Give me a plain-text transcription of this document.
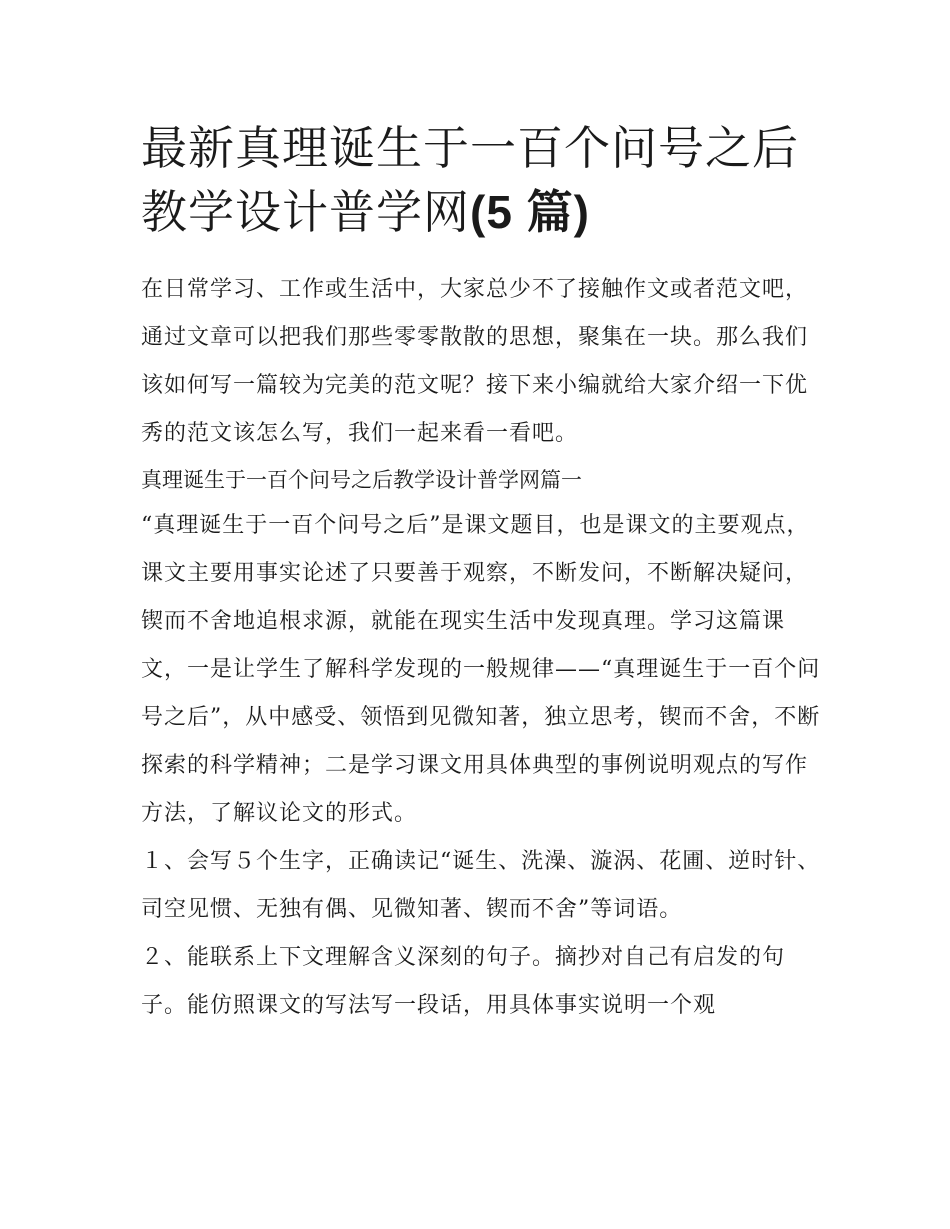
最新真理诞生于一百个问号之后教学设计普学网(5 篇)

在日常学习、工作或生活中，大家总少不了接触作文或者范文吧，通过文章可以把我们那些零零散散的思想，聚集在一块。那么我们该如何写一篇较为完美的范文呢？接下来小编就给大家介绍一下优秀的范文该怎么写，我们一起来看一看吧。

真理诞生于一百个问号之后教学设计普学网篇一

“真理诞生于一百个问号之后”是课文题目，也是课文的主要观点，课文主要用事实论述了只要善于观察，不断发问，不断解决疑问，锲而不舍地追根求源，就能在现实生活中发现真理。学习这篇课文，一是让学生了解科学发现的一般规律——“真理诞生于一百个问号之后”，从中感受、领悟到见微知著，独立思考，锲而不舍，不断探索的科学精神；二是学习课文用具体典型的事例说明观点的写作方法，了解议论文的形式。

１、会写５个生字，正确读记“诞生、洗澡、漩涡、花圃、逆时针、司空见惯、无独有偶、见微知著、锲而不舍”等词语。

２、能联系上下文理解含义深刻的句子。摘抄对自己有启发的句子。能仿照课文的写法写一段话，用具体事实说明一个观
